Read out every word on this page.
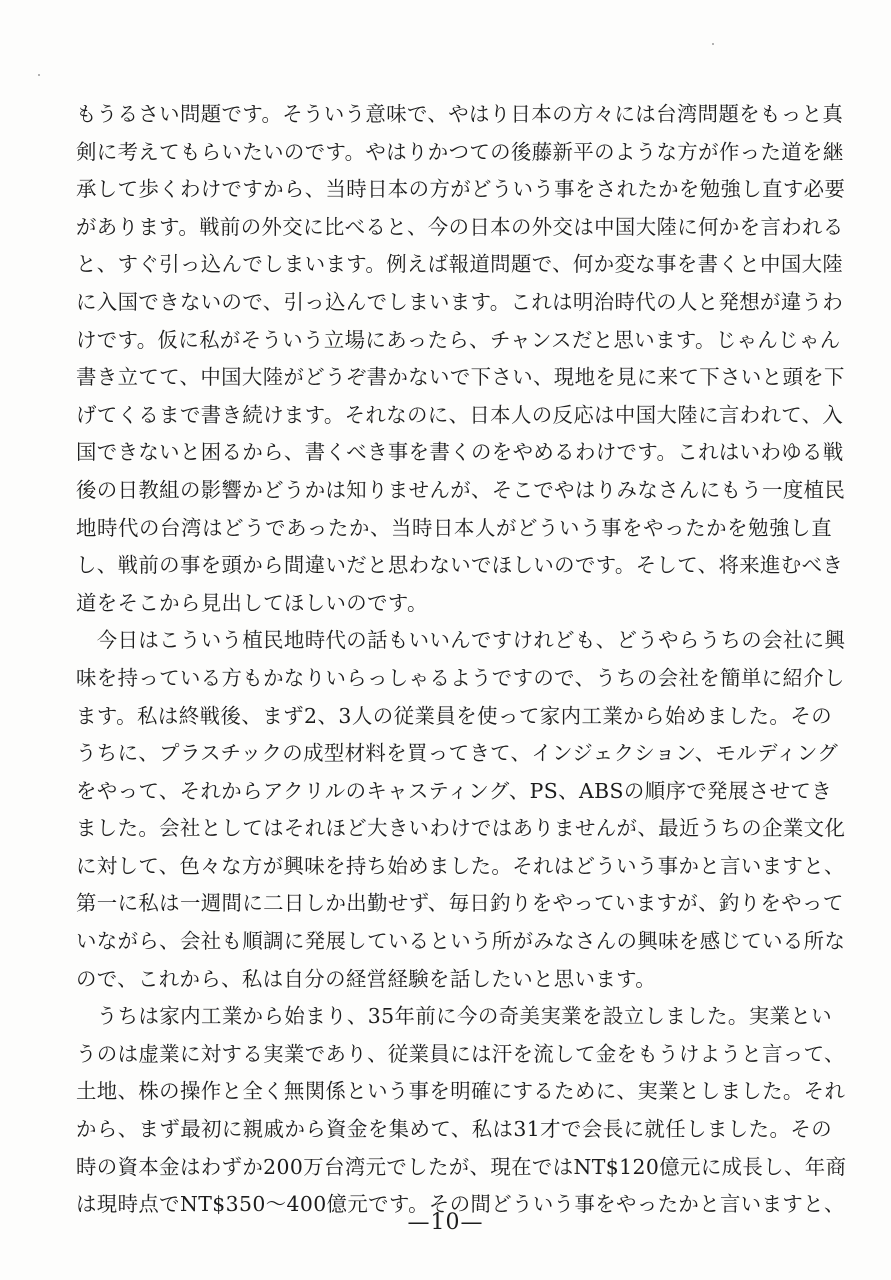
もうるさい問題です。そういう意味で、やはり日本の方々には台湾問題をもっと真
剣に考えてもらいたいのです。やはりかつての後藤新平のような方が作った道を継
承して歩くわけですから、当時日本の方がどういう事をされたかを勉強し直す必要
があります。戦前の外交に比べると、今の日本の外交は中国大陸に何かを言われる
と、すぐ引っ込んでしまいます。例えば報道問題で、何か変な事を書くと中国大陸
に入国できないので、引っ込んでしまいます。これは明治時代の人と発想が違うわ
けです。仮に私がそういう立場にあったら、チャンスだと思います。じゃんじゃん
書き立てて、中国大陸がどうぞ書かないで下さい、現地を見に来て下さいと頭を下
げてくるまで書き続けます。それなのに、日本人の反応は中国大陸に言われて、入
国できないと困るから、書くべき事を書くのをやめるわけです。これはいわゆる戦
後の日教組の影響かどうかは知りませんが、そこでやはりみなさんにもう一度植民
地時代の台湾はどうであったか、当時日本人がどういう事をやったかを勉強し直
し、戦前の事を頭から間違いだと思わないでほしいのです。そして、将来進むべき
道をそこから見出してほしいのです。
　今日はこういう植民地時代の話もいいんですけれども、どうやらうちの会社に興
味を持っている方もかなりいらっしゃるようですので、うちの会社を簡単に紹介し
ます。私は終戦後、まず2、3人の従業員を使って家内工業から始めました。その
うちに、プラスチックの成型材料を買ってきて、インジェクション、モルディング
をやって、それからアクリルのキャスティング、PS、ABSの順序で発展させてき
ました。会社としてはそれほど大きいわけではありませんが、最近うちの企業文化
に対して、色々な方が興味を持ち始めました。それはどういう事かと言いますと、
第一に私は一週間に二日しか出勤せず、毎日釣りをやっていますが、釣りをやって
いながら、会社も順調に発展しているという所がみなさんの興味を感じている所な
ので、これから、私は自分の経営経験を話したいと思います。
　うちは家内工業から始まり、35年前に今の奇美実業を設立しました。実業とい
うのは虚業に対する実業であり、従業員には汗を流して金をもうけようと言って、
土地、株の操作と全く無関係という事を明確にするために、実業としました。それ
から、まず最初に親戚から資金を集めて、私は31才で会長に就任しました。その
時の資本金はわずか200万台湾元でしたが、現在ではNT$120億元に成長し、年商
は現時点でNT$350～400億元です。その間どういう事をやったかと言いますと、
—10—
